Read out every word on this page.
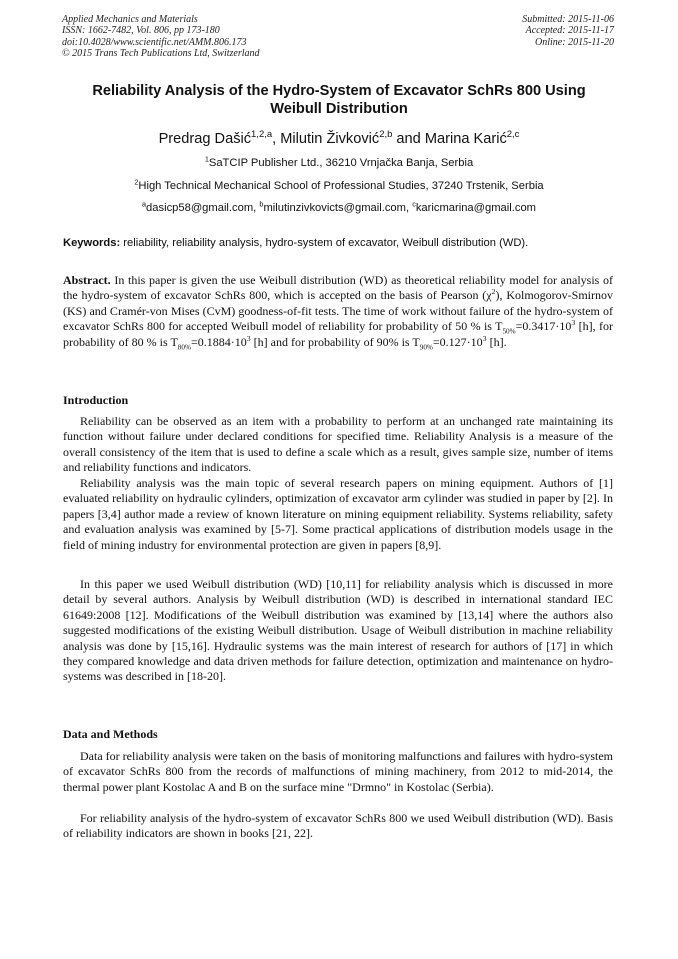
Applied Mechanics and Materials
ISSN: 1662-7482, Vol. 806, pp 173-180
doi:10.4028/www.scientific.net/AMM.806.173
© 2015 Trans Tech Publications Ltd, Switzerland
Submitted: 2015-11-06
Accepted: 2015-11-17
Online: 2015-11-20
Reliability Analysis of the Hydro-System of Excavator SchRs 800 Using
Weibull Distribution
Predrag Dašić$^{1,2,a}$, Milutin Živković$^{2,b}$ and Marina Karić$^{2,c}$
$^1$SaTCIP Publisher Ltd., 36210 Vrnjačka Banja, Serbia
$^2$High Technical Mechanical School of Professional Studies, 37240 Trstenik, Serbia
$^a$dasicp58@gmail.com, $^b$milutinzivkovicts@gmail.com, $^c$karicmarina@gmail.com
Keywords: reliability, reliability analysis, hydro-system of excavator, Weibull distribution (WD).

Abstract. In this paper is given the use Weibull distribution (WD) as theoretical reliability model for analysis of the hydro-system of excavator SchRs 800, which is accepted on the basis of Pearson $(\chi^2)$, Kolmogorov-Smirnov (KS) and Cramér-von Mises (CvM) goodness-of-fit tests. The time of work without failure of the hydro-system of excavator SchRs 800 for accepted Weibull model of reliability for probability of 50 % is $T_{50\%}=0.3417\cdot 10^3$ [h], for probability of 80 % is $T_{80\%}=0.1884\cdot 10^3$ [h] and for probability of 90% is $T_{90\%}=0.127\cdot 10^3$ [h].

Introduction

Reliability can be observed as an item with a probability to perform at an unchanged rate maintaining its function without failure under declared conditions for specified time. Reliability Analysis is a measure of the overall consistency of the item that is used to define a scale which as a result, gives sample size, number of items and reliability functions and indicators.

Reliability analysis was the main topic of several research papers on mining equipment. Authors of [1] evaluated reliability on hydraulic cylinders, optimization of excavator arm cylinder was studied in paper by [2]. In papers [3,4] author made a review of known literature on mining equipment reliability. Systems reliability, safety and evaluation analysis was examined by [5-7]. Some practical applications of distribution models usage in the field of mining industry for environmental protection are given in papers [8,9].

In this paper we used Weibull distribution (WD) [10,11] for reliability analysis which is discussed in more detail by several authors. Analysis by Weibull distribution (WD) is described in international standard IEC 61649:2008 [12]. Modifications of the Weibull distribution was examined by [13,14] where the authors also suggested modifications of the existing Weibull distribution. Usage of Weibull distribution in machine reliability analysis was done by [15,16]. Hydraulic systems was the main interest of research for authors of [17] in which they compared knowledge and data driven methods for failure detection, optimization and maintenance on hydro-systems was described in [18-20].

Data and Methods

Data for reliability analysis were taken on the basis of monitoring malfunctions and failures with hydro-system of excavator SchRs 800 from the records of malfunctions of mining machinery, from 2012 to mid-2014, the thermal power plant Kostolac A and B on the surface mine "Drmno" in Kostolac (Serbia).

For reliability analysis of the hydro-system of excavator SchRs 800 we used Weibull distribution (WD). Basis of reliability indicators are shown in books [21, 22].
